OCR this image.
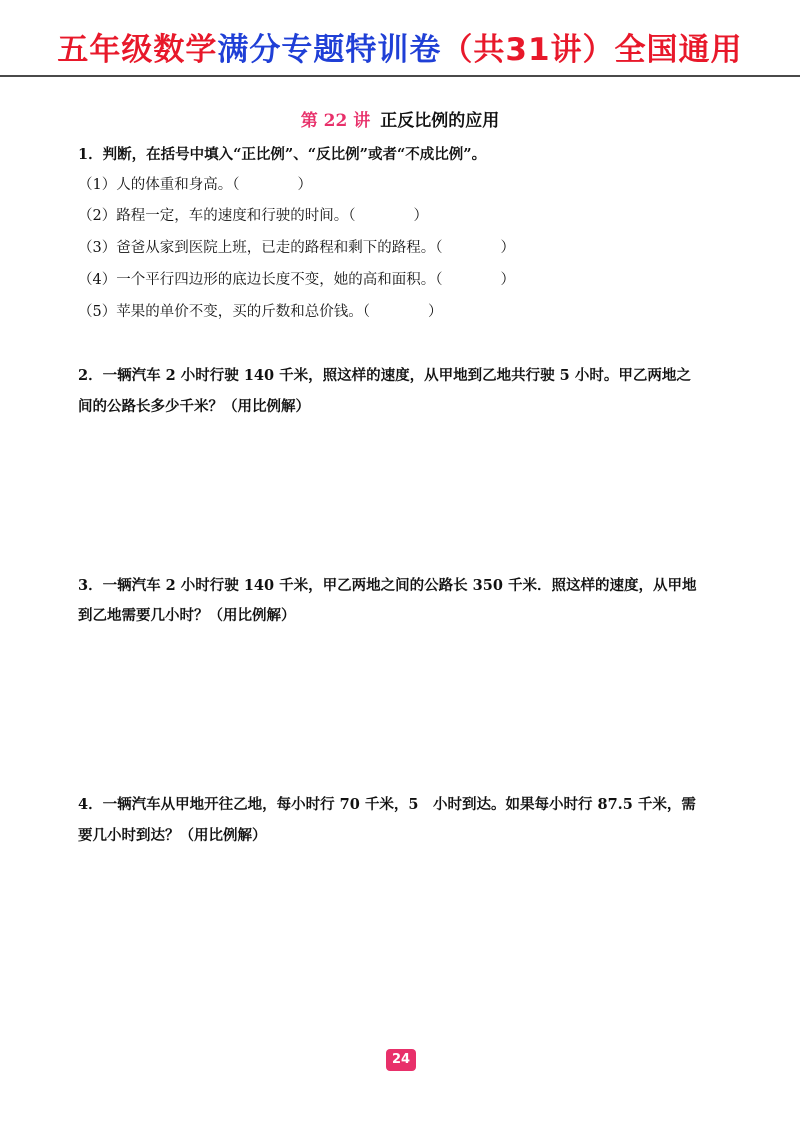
五年级数学满分专题特训卷（共31讲）全国通用
第 22 讲 正反比例的应用
1．判断，在括号中填入“正比例”、“反比例”或者“不成比例”。
（1）人的体重和身高。（　　　　）
（2）路程一定，车的速度和行驶的时间。（　　　　）
（3）爸爸从家到医院上班，已走的路程和剩下的路程。（　　　　）
（4）一个平行四边形的底边长度不变，她的高和面积。（　　　　）
（5）苹果的单价不变，买的斤数和总价钱。（　　　　）
2．一辆汽车 2 小时行驶 140 千米，照这样的速度，从甲地到乙地共行驶 5 小时。甲乙两地之
间的公路长多少千米？（用比例解）
3．一辆汽车 2 小时行驶 140 千米，甲乙两地之间的公路长 350 千米．照这样的速度，从甲地
到乙地需要几小时？（用比例解）
4．一辆汽车从甲地开往乙地，每小时行 70 千米，5　小时到达。如果每小时行 87.5 千米，需
要几小时到达？（用比例解）
24
